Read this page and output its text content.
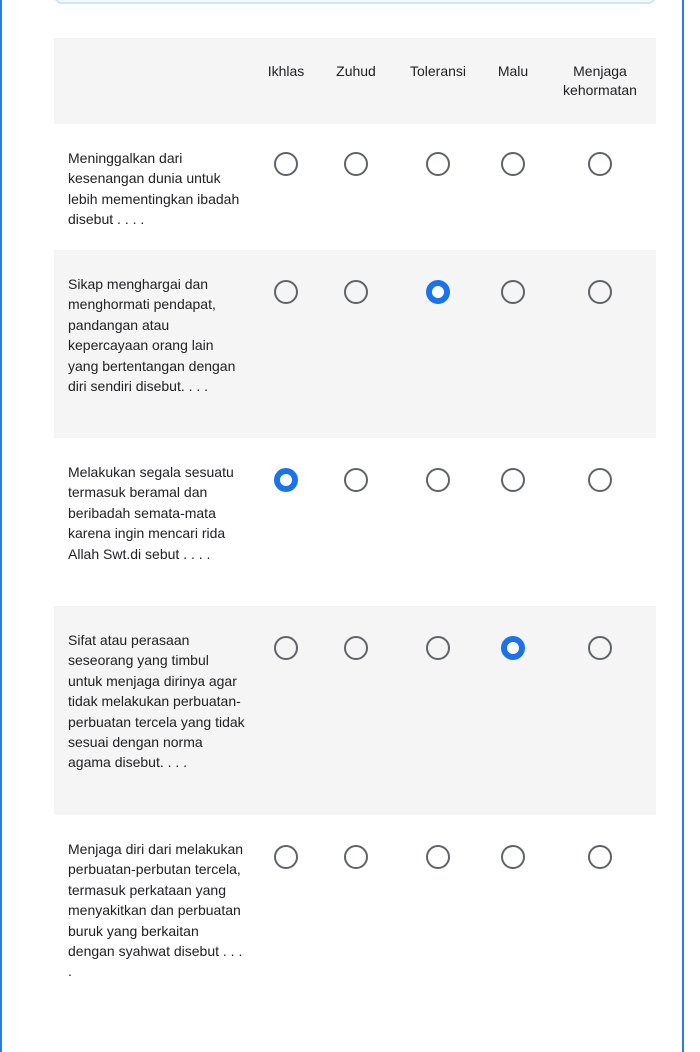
Ikhlas Zuhud Toleransi Malu	Menjaga kehormatan
Meninggalkan dari kesenangan dunia untuk lebih mementingkan ibadah disebut . . . .
Sikap menghargai dan menghormati pendapat, pandangan atau kepercayaan orang lain yang bertentangan dengan diri sendiri disebut. . . .
Melakukan segala sesuatu termasuk beramal dan beribadah semata-mata karena ingin mencari rida Allah Swt.di sebut . . . .
Sifat atau perasaan seseorang yang timbul untuk menjaga dirinya agar tidak melakukan perbuatan-perbuatan tercela yang tidak sesuai dengan norma agama disebut. . . .
Menjaga diri dari melakukan perbuatan-perbutan tercela, termasuk perkataan yang menyakitkan dan perbuatan buruk yang berkaitan dengan syahwat disebut . . . .
